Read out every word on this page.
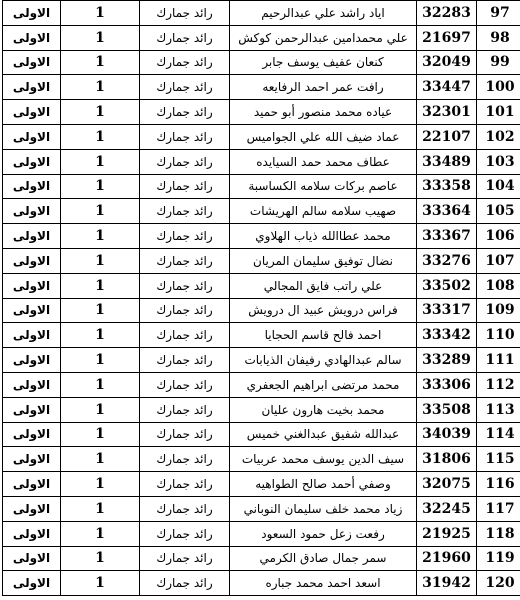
الاولى	1	رائد جمارك	اياد راشد علي عبدالرحيم	32283	97
الاولى	1	رائد جمارك	علي محمدامين عبدالرحمن كوكش	21697	98
الاولى	1	رائد جمارك	كنعان عفيف يوسف جابر	32049	99
الاولى	1	رائد جمارك	رافت عمر احمد الرفايعه	33447	100
الاولى	1	رائد جمارك	عياده محمد منصور أبو حميد	32301	101
الاولى	1	رائد جمارك	عماد ضيف الله علي الجواميس	22107	102
الاولى	1	رائد جمارك	عطاف محمد حمد السيايده	33489	103
الاولى	1	رائد جمارك	عاصم بركات سلامه الكساسبة	33358	104
الاولى	1	رائد جمارك	صهيب سلامه سالم الهريشات	33364	105
الاولى	1	رائد جمارك	محمد عطاالله ذياب الهلاوي	33367	106
الاولى	1	رائد جمارك	نضال توفيق سليمان المريان	33276	107
الاولى	1	رائد جمارك	علي راتب فايق المجالي	33502	108
الاولى	1	رائد جمارك	فراس درويش عبيد ال درويش	33317	109
الاولى	1	رائد جمارك	احمد فالح قاسم الحجايا	33342	110
الاولى	1	رائد جمارك	سالم عبدالهادي رفيفان الذيابات	33289	111
الاولى	1	رائد جمارك	محمد مرتضى ابراهيم الجعفري	33306	112
الاولى	1	رائد جمارك	محمد بخيت هارون عليان	33508	113
الاولى	1	رائد جمارك	عبدالله شفيق عبدالغني خميس	34039	114
الاولى	1	رائد جمارك	سيف الدين يوسف محمد عربيات	31806	115
الاولى	1	رائد جمارك	وصفي أحمد صالح الطواهيه	32075	116
الاولى	1	رائد جمارك	زياد محمد خلف سليمان النوباني	32245	117
الاولى	1	رائد جمارك	رفعت زعل حمود السعود	21925	118
الاولى	1	رائد جمارك	سمر جمال صادق الكرمي	21960	119
الاولى	1	رائد جمارك	اسعد احمد محمد جباره	31942	120
